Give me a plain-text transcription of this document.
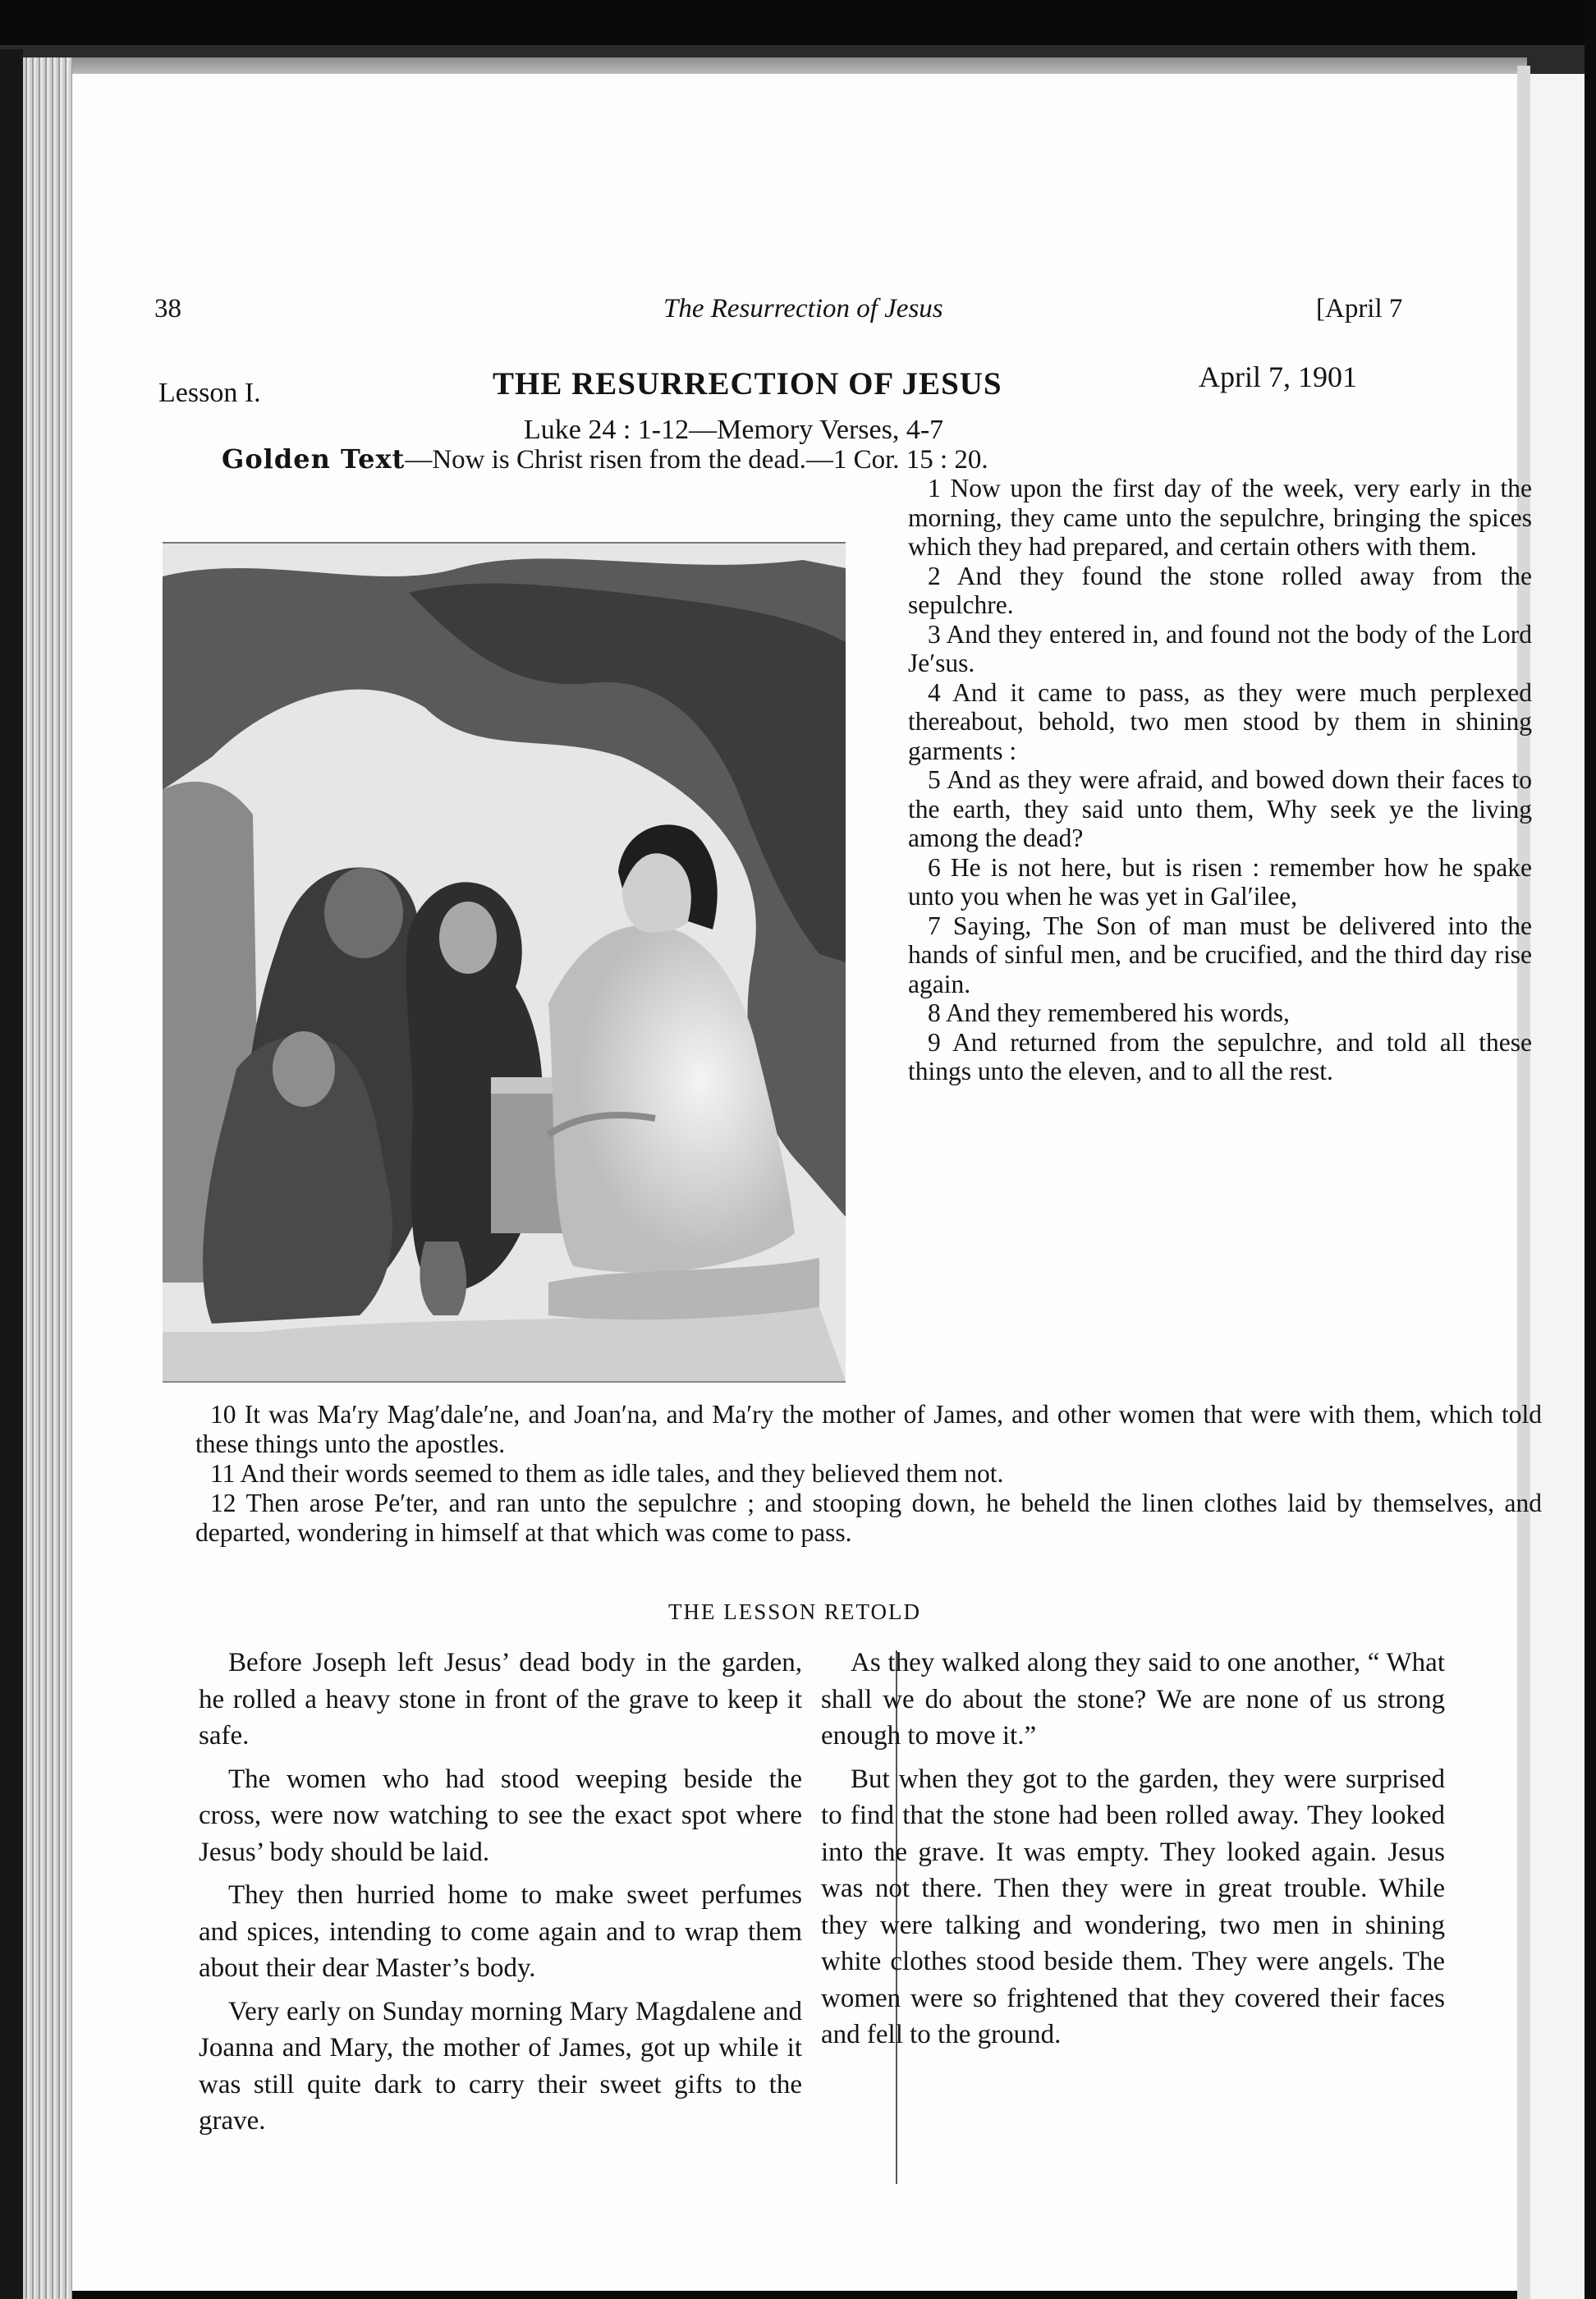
38	The Resurrection of Jesus	[April 7
Lesson I.	THE RESURRECTION OF JESUS	April 7, 1901
Luke 24 : 1-12—Memory Verses, 4-7
Golden Text—Now is Christ risen from the dead.—1 Cor. 15 : 20.

1 Now upon the first day of the week, very early in the morning, they came unto the sepulchre, bringing the spices which they had prepared, and certain others with them.

2 And they found the stone rolled away from the sepulchre.

3 And they entered in, and found not the body of the Lord Je′sus.

4 And it came to pass, as they were much perplexed thereabout, behold, two men stood by them in shining garments :

5 And as they were afraid, and bowed down their faces to the earth, they said unto them, Why seek ye the living among the dead?

6 He is not here, but is risen : remember how he spake unto you when he was yet in Gal′ilee,

7 Saying, The Son of man must be delivered into the hands of sinful men, and be crucified, and the third day rise again.

8 And they remembered his words,

9 And returned from the sepulchre, and told all these things unto the eleven, and to all the rest.

10 It was Ma′ry Mag′dale′ne, and Joan′na, and Ma′ry the mother of James, and other women that were with them, which told these things unto the apostles.

11 And their words seemed to them as idle tales, and they believed them not.

12 Then arose Pe′ter, and ran unto the sepulchre ; and stooping down, he beheld the linen clothes laid by themselves, and departed, wondering in himself at that which was come to pass.

THE LESSON RETOLD

Before Joseph left Jesus’ dead body in the garden, he rolled a heavy stone in front of the grave to keep it safe.

The women who had stood weeping beside the cross, were now watching to see the exact spot where Jesus’ body should be laid.

They then hurried home to make sweet perfumes and spices, intending to come again and to wrap them about their dear Master’s body.

Very early on Sunday morning Mary Magdalene and Joanna and Mary, the mother of James, got up while it was still quite dark to carry their sweet gifts to the grave.

As they walked along they said to one another, “ What shall we do about the stone? We are none of us strong enough to move it.”

But when they got to the garden, they were surprised to find that the stone had been rolled away. They looked into the grave. It was empty. They looked again. Jesus was not there. Then they were in great trouble. While they were talking and wondering, two men in shining white clothes stood beside them. They were angels. The women were so frightened that they covered their faces and fell to the ground.
